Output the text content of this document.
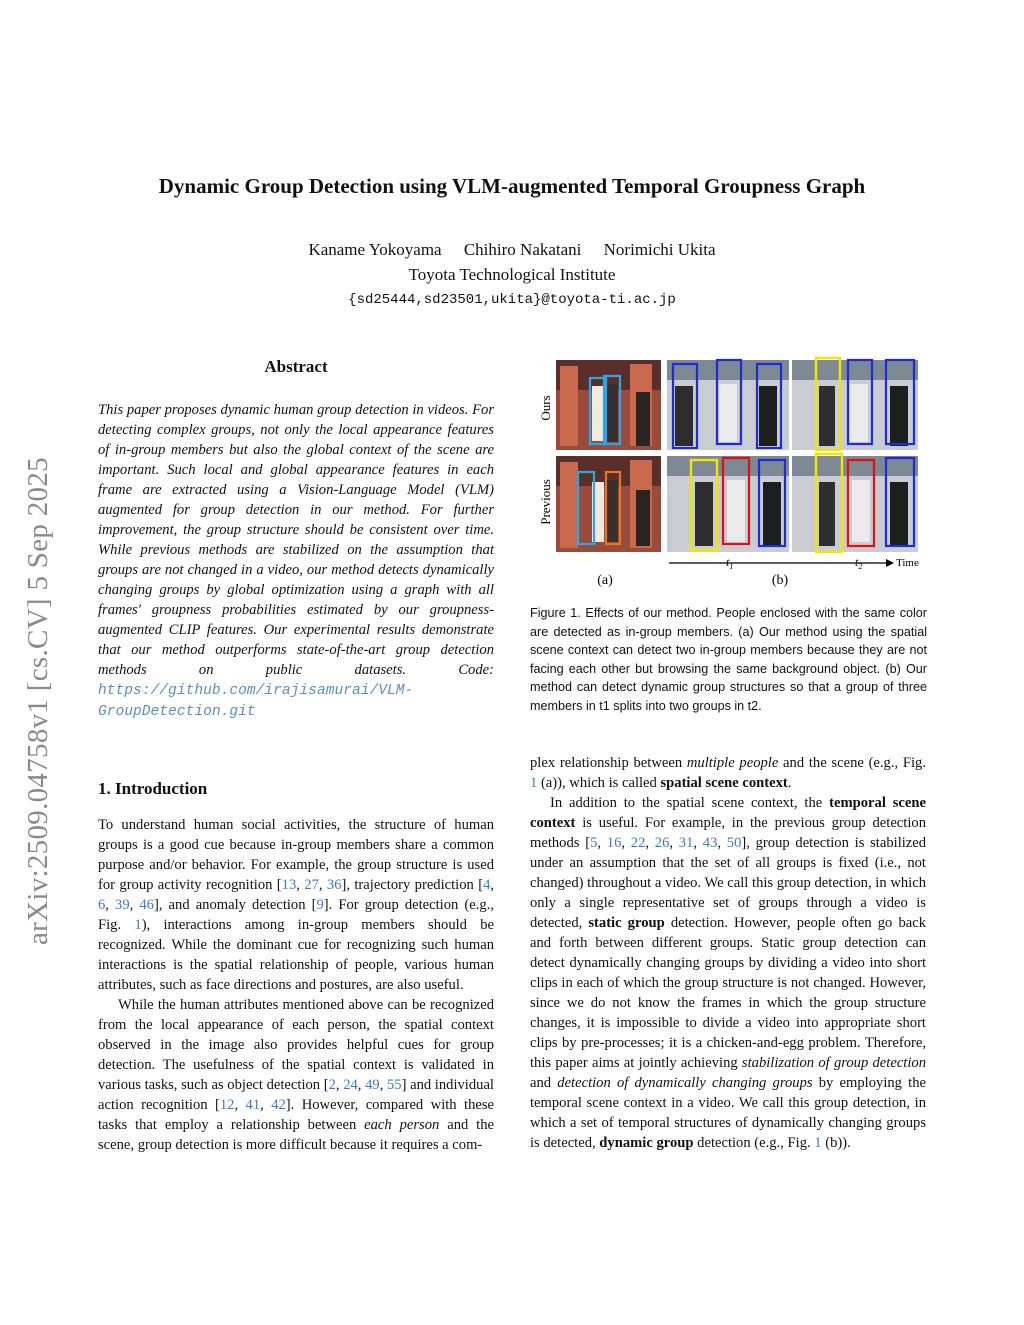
Dynamic Group Detection using VLM-augmented Temporal Groupness Graph
Kaname Yokoyama Chihiro Nakatani Norimichi Ukita
Toyota Technological Institute
{sd25444,sd23501,ukita}@toyota-ti.ac.jp
arXiv:2509.04758v1 [cs.CV] 5 Sep 2025
Abstract
This paper proposes dynamic human group detection in videos. For detecting complex groups, not only the local appearance features of in-group members but also the global context of the scene are important. Such local and global appearance features in each frame are extracted using a Vision-Language Model (VLM) augmented for group detection in our method. For further improvement, the group structure should be consistent over time. While previous methods are stabilized on the assumption that groups are not changed in a video, our method detects dynamically changing groups by global optimization using a graph with all frames' groupness probabilities estimated by our groupness-augmented CLIP features. Our experimental results demonstrate that our method outperforms state-of-the-art group detection methods on public datasets. Code: https://github.com/irajisamurai/VLM-GroupDetection.git
1. Introduction

To understand human social activities, the structure of human groups is a good cue because in-group members share a common purpose and/or behavior. For example, the group structure is used for group activity recognition [13, 27, 36], trajectory prediction [4, 6, 39, 46], and anomaly detection [9]. For group detection (e.g., Fig. 1), interactions among in-group members should be recognized. While the dominant cue for recognizing such human interactions is the spatial relationship of people, various human attributes, such as face directions and postures, are also useful.

While the human attributes mentioned above can be recognized from the local appearance of each person, the spatial context observed in the image also provides helpful cues for group detection. The usefulness of the spatial context is validated in various tasks, such as object detection [2, 24, 49, 55] and individual action recognition [12, 41, 42]. However, compared with these tasks that employ a relationship between each person and the scene, group detection is more difficult because it requires a com-

Ours
Previous
$t_1$	$t_2$	Time
(a)	(b)
Figure 1. Effects of our method. People enclosed with the same color are detected as in-group members. (a) Our method using the spatial scene context can detect two in-group members because they are not facing each other but browsing the same background object. (b) Our method can detect dynamic group structures so that a group of three members in t1 splits into two groups in t2.

plex relationship between multiple people and the scene (e.g., Fig. 1 (a)), which is called spatial scene context.

In addition to the spatial scene context, the temporal scene context is useful. For example, in the previous group detection methods [5, 16, 22, 26, 31, 43, 50], group detection is stabilized under an assumption that the set of all groups is fixed (i.e., not changed) throughout a video. We call this group detection, in which only a single representative set of groups through a video is detected, static group detection. However, people often go back and forth between different groups. Static group detection can detect dynamically changing groups by dividing a video into short clips in each of which the group structure is not changed. However, since we do not know the frames in which the group structure changes, it is impossible to divide a video into appropriate short clips by pre-processes; it is a chicken-and-egg problem. Therefore, this paper aims at jointly achieving stabilization of group detection and detection of dynamically changing groups by employing the temporal scene context in a video. We call this group detection, in which a set of temporal structures of dynamically changing groups is detected, dynamic group detection (e.g., Fig. 1 (b)).
